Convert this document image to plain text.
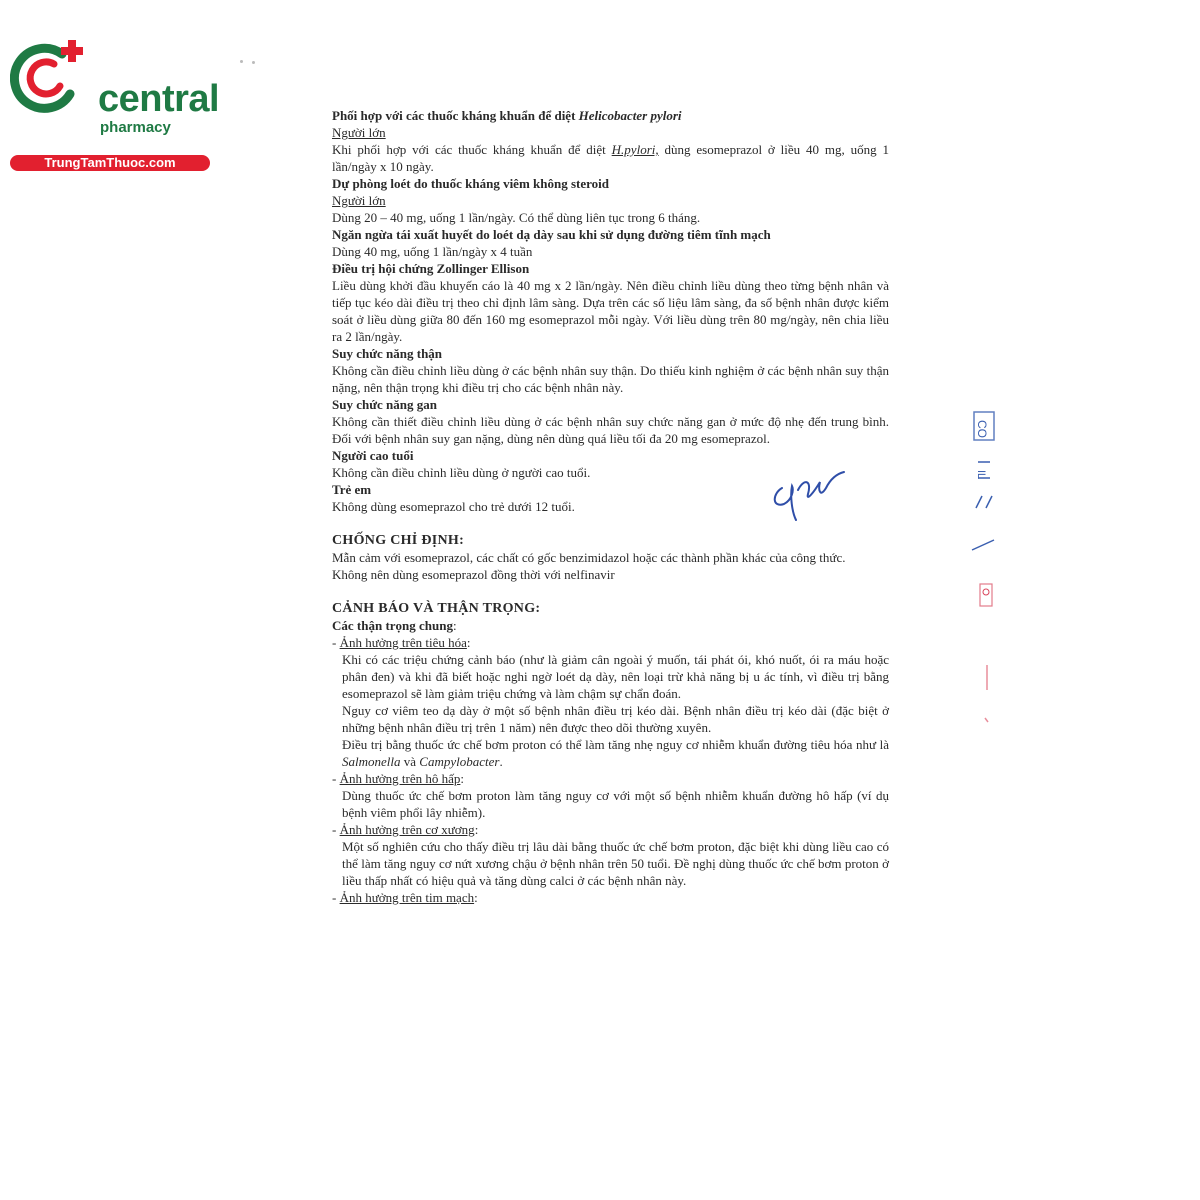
central
pharmacy
TrungTamThuoc.com

Phối hợp với các thuốc kháng khuẩn để diệt Helicobacter pylori

Người lớn

Khi phối hợp với các thuốc kháng khuẩn để diệt H.pylori, dùng esomeprazol ở liều 40 mg, uống 1 lần/ngày x 10 ngày.

Dự phòng loét do thuốc kháng viêm không steroid

Người lớn

Dùng 20 – 40 mg, uống 1 lần/ngày. Có thể dùng liên tục trong 6 tháng.

Ngăn ngừa tái xuất huyết do loét dạ dày sau khi sử dụng đường tiêm tĩnh mạch

Dùng 40 mg, uống 1 lần/ngày x 4 tuần

Điều trị hội chứng Zollinger Ellison

Liều dùng khởi đầu khuyến cáo là 40 mg x 2 lần/ngày. Nên điều chỉnh liều dùng theo từng bệnh nhân và tiếp tục kéo dài điều trị theo chỉ định lâm sàng. Dựa trên các số liệu lâm sàng, đa số bệnh nhân được kiểm soát ở liều dùng giữa 80 đến 160 mg esomeprazol mỗi ngày. Với liều dùng trên 80 mg/ngày, nên chia liều ra 2 lần/ngày.

Suy chức năng thận

Không cần điều chỉnh liều dùng ở các bệnh nhân suy thận. Do thiếu kinh nghiệm ở các bệnh nhân suy thận nặng, nên thận trọng khi điều trị cho các bệnh nhân này.

Suy chức năng gan

Không cần thiết điều chỉnh liều dùng ở các bệnh nhân suy chức năng gan ở mức độ nhẹ đến trung bình. Đối với bệnh nhân suy gan nặng, dùng nên dùng quá liều tối đa 20 mg esomeprazol.

Người cao tuổi

Không cần điều chỉnh liều dùng ở người cao tuổi.

Trẻ em

Không dùng esomeprazol cho trẻ dưới 12 tuổi.

CHỐNG CHỈ ĐỊNH:

Mẫn cảm với esomeprazol, các chất có gốc benzimidazol hoặc các thành phần khác của công thức.

Không nên dùng esomeprazol đồng thời với nelfinavir

CẢNH BÁO VÀ THẬN TRỌNG:

Các thận trọng chung:

- Ảnh hưởng trên tiêu hóa:

Khi có các triệu chứng cảnh báo (như là giảm cân ngoài ý muốn, tái phát ói, khó nuốt, ói ra máu hoặc phân đen) và khi đã biết hoặc nghi ngờ loét dạ dày, nên loại trừ khả năng bị u ác tính, vì điều trị bằng esomeprazol sẽ làm giảm triệu chứng và làm chậm sự chẩn đoán.

Nguy cơ viêm teo dạ dày ở một số bệnh nhân điều trị kéo dài. Bệnh nhân điều trị kéo dài (đặc biệt ở những bệnh nhân điều trị trên 1 năm) nên được theo dõi thường xuyên.

Điều trị bằng thuốc ức chế bơm proton có thể làm tăng nhẹ nguy cơ nhiễm khuẩn đường tiêu hóa như là Salmonella và Campylobacter.

- Ảnh hưởng trên hô hấp:

Dùng thuốc ức chế bơm proton làm tăng nguy cơ với một số bệnh nhiễm khuẩn đường hô hấp (ví dụ bệnh viêm phổi lây nhiễm).

- Ảnh hưởng trên cơ xương:

Một số nghiên cứu cho thấy điều trị lâu dài bằng thuốc ức chế bơm proton, đặc biệt khi dùng liều cao có thể làm tăng nguy cơ nứt xương chậu ở bệnh nhân trên 50 tuổi. Đề nghị dùng thuốc ức chế bơm proton ở liều thấp nhất có hiệu quả và tăng dùng calci ở các bệnh nhân này.

- Ảnh hưởng trên tim mạch:

CO
IL
